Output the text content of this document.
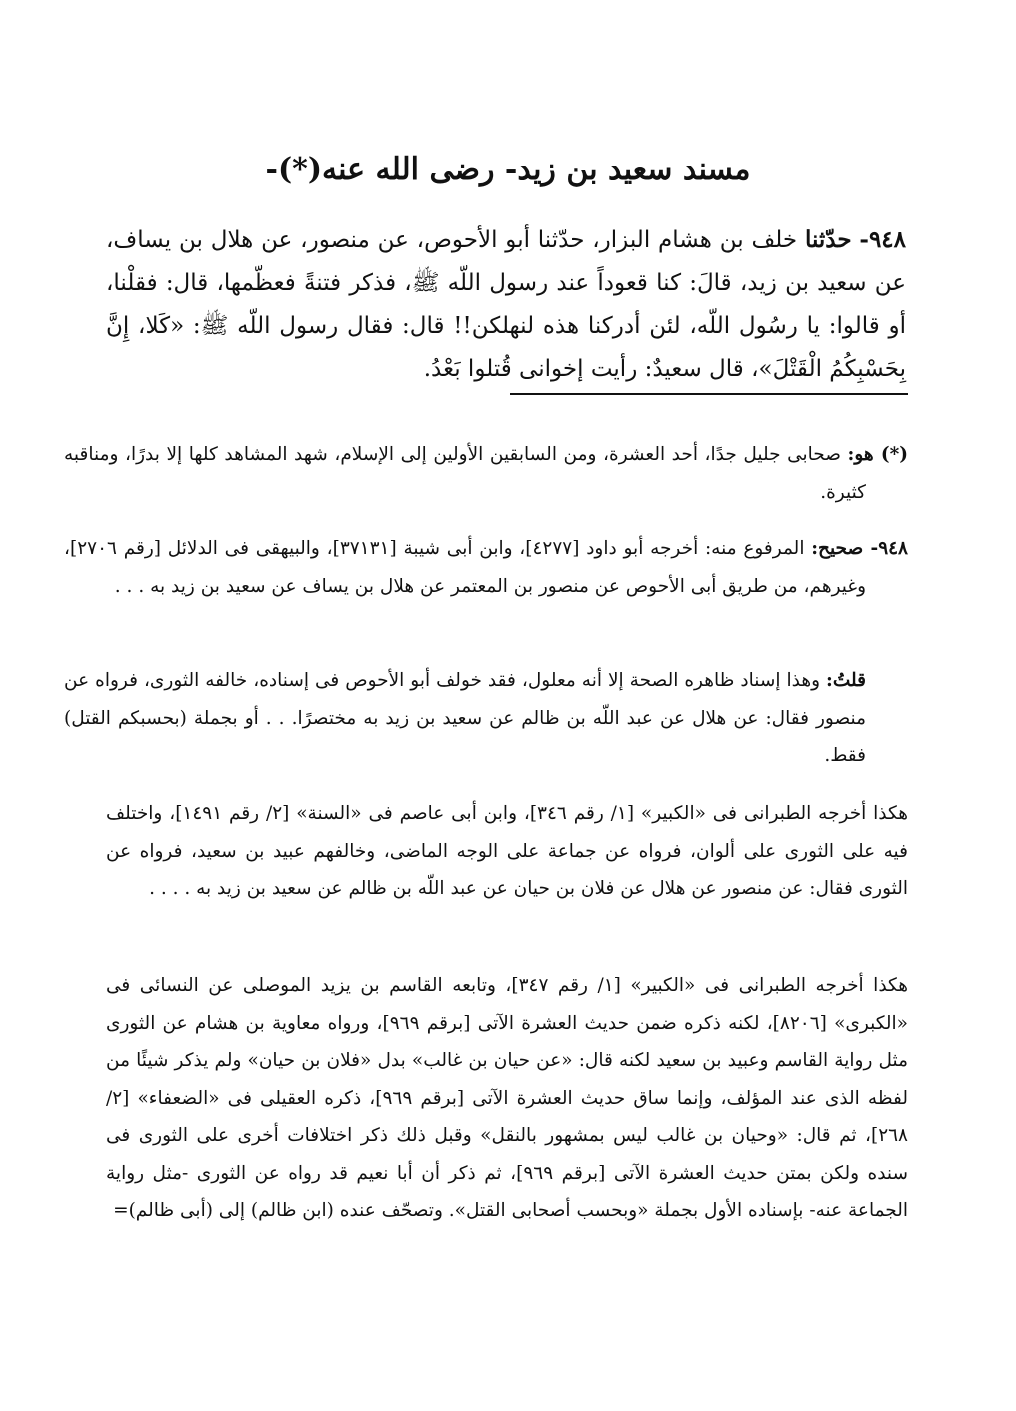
مسند سعيد بن زيد- رضى الله عنه(*)-
٩٤٨- حدّثنا خلف بن هشام البزار، حدّثنا أبو الأحوص، عن منصور، عن هلال بن يساف، عن سعيد بن زيد، قالَ: كنا قعوداً عند رسول اللّه ﷺ، فذكر فتنةً فعظّمها، قال: فقلْنا، أو قالوا: يا رسُول اللّه، لئن أدركنا هذه لنهلكن!! قال: فقال رسول اللّه ﷺ: «كَلا، إِنَّ بِحَسْبِكُمُ الْقَتْلَ»، قال سعيدٌ: رأيت إخوانى قُتلوا بَعْدُ.
(*) هو: صحابى جليل جدًا، أحد العشرة، ومن السابقين الأولين إلى الإسلام، شهد المشاهد كلها إلا بدرًا، ومناقبه كثيرة.
٩٤٨- صحيح: المرفوع منه: أخرجه أبو داود [٤٢٧٧]، وابن أبى شيبة [٣٧١٣١]، والبيهقى فى الدلائل [رقم ٢٧٠٦]، وغيرهم، من طريق أبى الأحوص عن منصور بن المعتمر عن هلال بن يساف عن سعيد بن زيد به . . .
قلتُ: وهذا إسناد ظاهره الصحة إلا أنه معلول، فقد خولف أبو الأحوص فى إسناده، خالفه الثورى، فرواه عن منصور فقال: عن هلال عن عبد اللّه بن ظالم عن سعيد بن زيد به مختصرًا. . . أو بجملة (بحسبكم القتل) فقط.
هكذا أخرجه الطبرانى فى «الكبير» [١/ رقم ٣٤٦]، وابن أبى عاصم فى «السنة» [٢/ رقم ١٤٩١]، واختلف فيه على الثورى على ألوان، فرواه عن جماعة على الوجه الماضى، وخالفهم عبيد بن سعيد، فرواه عن الثورى فقال: عن منصور عن هلال عن فلان بن حيان عن عبد اللّه بن ظالم عن سعيد بن زيد به . . . .
هكذا أخرجه الطبرانى فى «الكبير» [١/ رقم ٣٤٧]، وتابعه القاسم بن يزيد الموصلى عن النسائى فى «الكبرى» [٨٢٠٦]، لكنه ذكره ضمن حديث العشرة الآتى [برقم ٩٦٩]، ورواه معاوية بن هشام عن الثورى مثل رواية القاسم وعبيد بن سعيد لكنه قال: «عن حيان بن غالب» بدل «فلان بن حيان» ولم يذكر شيئًا من لفظه الذى عند المؤلف، وإنما ساق حديث العشرة الآتى [برقم ٩٦٩]، ذكره العقيلى فى «الضعفاء» [٢/ ٢٦٨]، ثم قال: «وحيان بن غالب ليس بمشهور بالنقل» وقبل ذلك ذكر اختلافات أخرى على الثورى فى سنده ولكن بمتن حديث العشرة الآتى [برقم ٩٦٩]، ثم ذكر أن أبا نعيم قد رواه عن الثورى -مثل رواية الجماعة عنه- بإسناده الأول بجملة «وبحسب أصحابى القتل». وتصحّف عنده (ابن ظالم) إلى (أبى ظالم)=
